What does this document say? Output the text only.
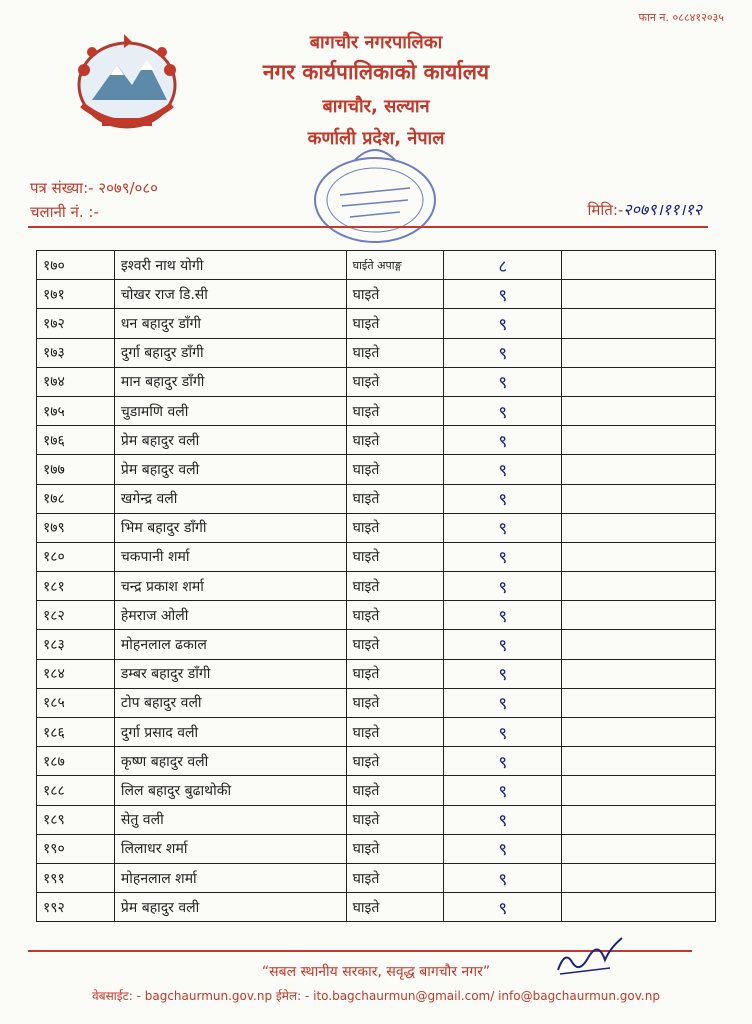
फान न. ०८८४१२०३५
बागचौर नगरपालिका
नगर कार्यपालिकाको कार्यालय
बागचौर, सल्यान
कर्णाली प्रदेश, नेपाल
पत्र संख्या:- २०७९/०८०
चलानी नं. :-	मिति:-२०७९।११।१२
१७०	इश्वरी नाथ योगी	घाईते अपाङ्ग	८	
१७१	चोखर राज डि.सी	घाइते	९	
१७२	धन बहादुर डाँगी	घाइते	९	
१७३	दुर्गा बहादुर डाँगी	घाइते	९	
१७४	मान बहादुर डाँगी	घाइते	९	
१७५	चुडामणि वली	घाइते	९	
१७६	प्रेम बहादुर वली	घाइते	९	
१७७	प्रेम बहादुर वली	घाइते	९	
१७८	खगेन्द्र वली	घाइते	९	
१७९	भिम बहादुर डाँगी	घाइते	९	
१८०	चकपानी शर्मा	घाइते	९	
१८१	चन्द्र प्रकाश शर्मा	घाइते	९	
१८२	हेमराज ओली	घाइते	९	
१८३	मोहनलाल ढकाल	घाइते	९	
१८४	डम्बर बहादुर डाँगी	घाइते	९	
१८५	टोप बहादुर वली	घाइते	९	
१८६	दुर्गा प्रसाद वली	घाइते	९	
१८७	कृष्ण बहादुर वली	घाइते	९	
१८८	लिल बहादुर बुढाथोकी	घाइते	९	
१८९	सेतु वली	घाइते	९	
१९०	लिलाधर शर्मा	घाइते	९	
१९१	मोहनलाल शर्मा	घाइते	९	
१९२	प्रेम बहादुर वली	घाइते	९	
“सबल स्थानीय सरकार, सवृद्ध बागचौर नगर”
वेबसाईट: - bagchaurmun.gov.np ईमेल: - ito.bagchaurmun@gmail.com/ info@bagchaurmun.gov.np
